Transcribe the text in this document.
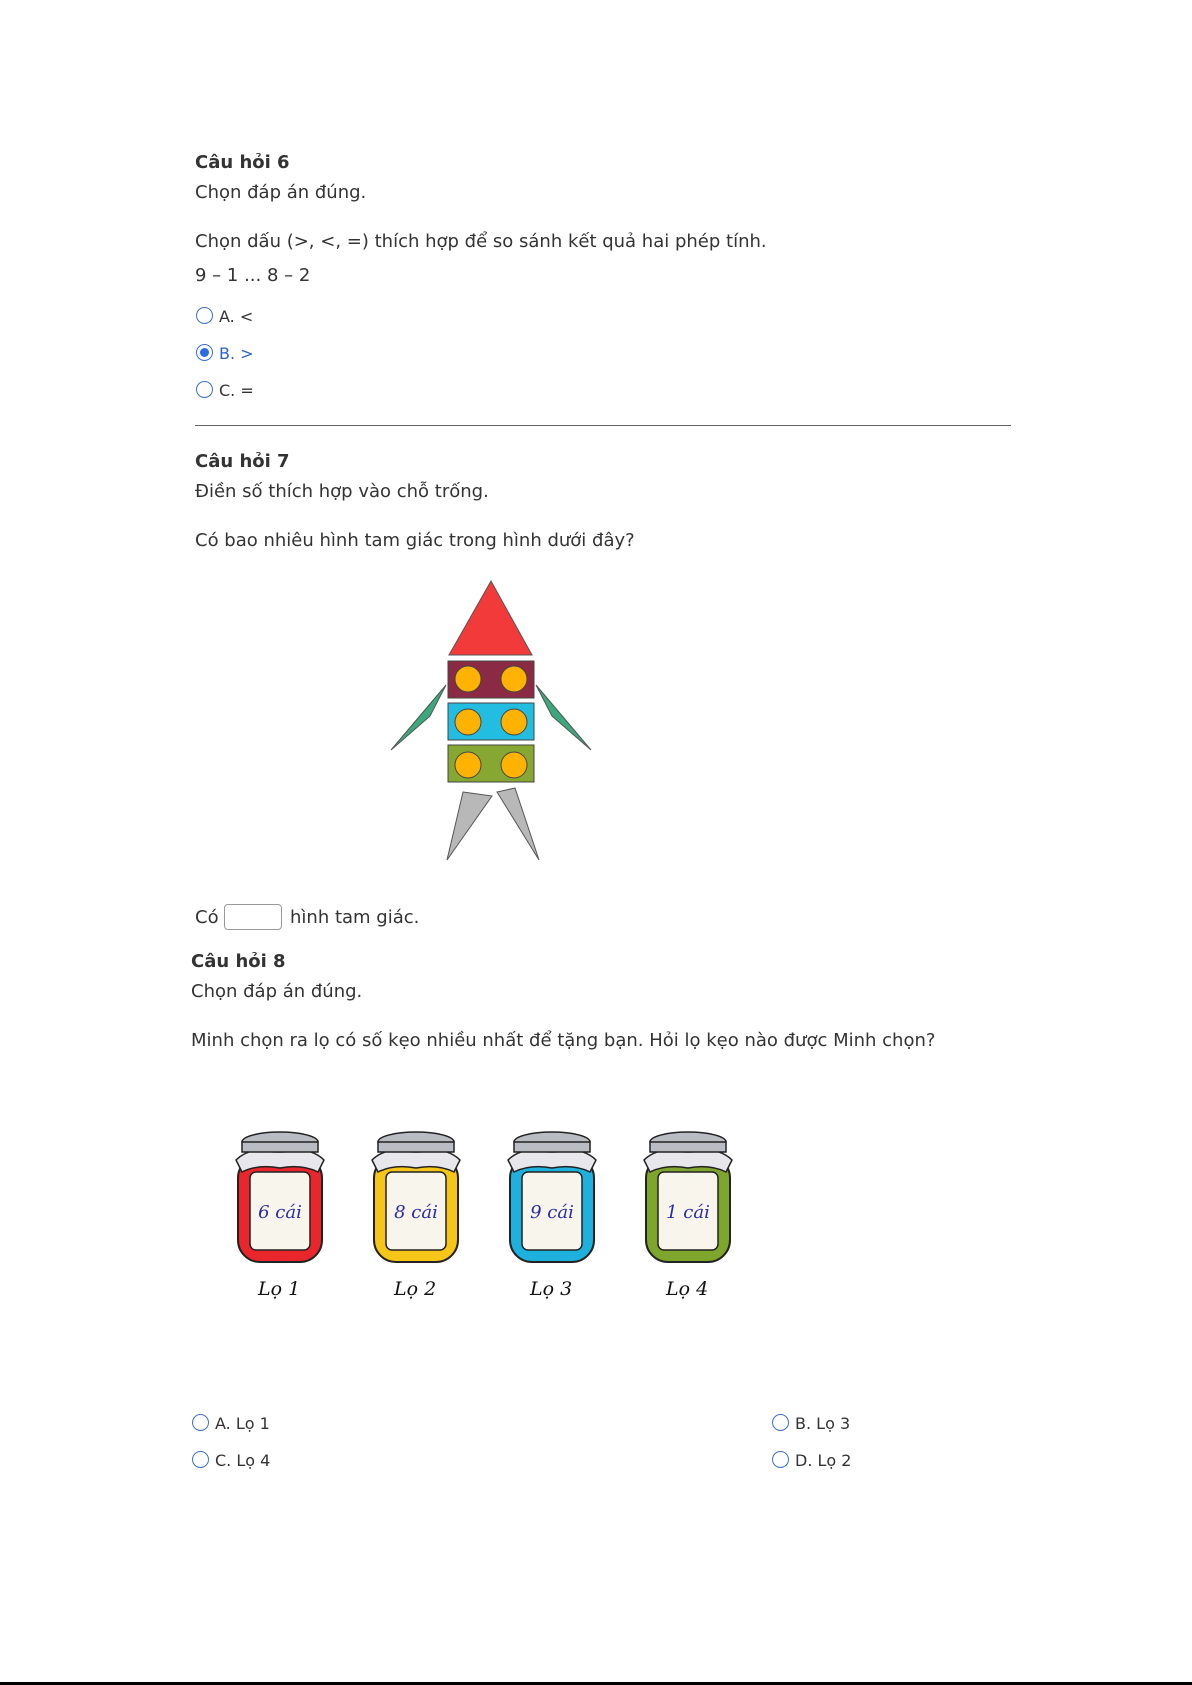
Câu hỏi 6
Chọn đáp án đúng.
Chọn dấu (>, <, =) thích hợp để so sánh kết quả hai phép tính.
9 – 1 ... 8 – 2
A. <
B. >
C. =
Câu hỏi 7
Điền số thích hợp vào chỗ trống.
Có bao nhiêu hình tam giác trong hình dưới đây?
Có	hình tam giác.
Câu hỏi 8
Chọn đáp án đúng.
Minh chọn ra lọ có số kẹo nhiều nhất để tặng bạn. Hỏi lọ kẹo nào được Minh chọn?
6 cái
Lọ 1
8 cái
Lọ 2
9 cái
Lọ 3
1 cái
Lọ 4
A. Lọ 1	B. Lọ 3
C. Lọ 4	D. Lọ 2
